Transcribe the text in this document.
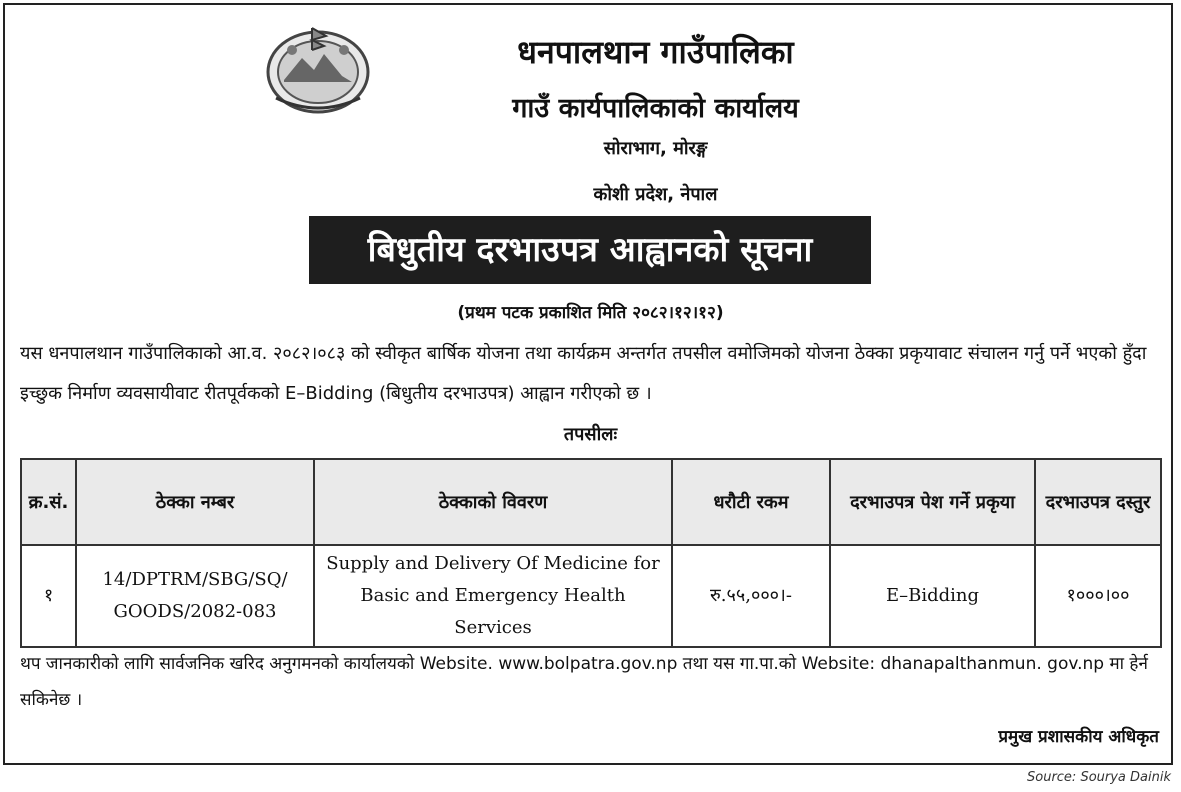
धनपालथान गाउँपालिका
गाउँ कार्यपालिकाको कार्यालय
सोराभाग, मोरङ्ग
कोशी प्रदेश, नेपाल
बिधुतीय दरभाउपत्र आह्वानको सूचना
(प्रथम पटक प्रकाशित मिति २०८२।१२।१२)
यस धनपालथान गाउँपालिकाको आ.व. २०८२।०८३ को स्वीकृत बार्षिक योजना तथा कार्यक्रम अन्तर्गत तपसील वमोजिमको योजना ठेक्का प्रकृयावाट संचालन गर्नु पर्ने भएको हुँदा इच्छुक निर्माण व्यवसायीवाट रीतपूर्वकको E–Bidding (बिधुतीय दरभाउपत्र) आह्वान गरीएको छ ।
तपसीलः
क्र.सं.	ठेक्का नम्बर	ठेक्काको विवरण	धरौटी रकम	दरभाउपत्र पेश गर्ने प्रकृया	दरभाउपत्र दस्तुर
१	14/DPTRM/SBG/SQ/ GOODS/2082-083	Supply and Delivery Of Medicine for Basic and Emergency Health Services	रु.५५,०००।-	E–Bidding	१०००।००
थप जानकारीको लागि सार्वजनिक खरिद अनुगमनको कार्यालयको Website. www.bolpatra.gov.np तथा यस गा.पा.को Website: dhanapalthanmun. gov.np मा हेर्न सकिनेछ ।
प्रमुख प्रशासकीय अधिकृत
Source: Sourya Dainik
